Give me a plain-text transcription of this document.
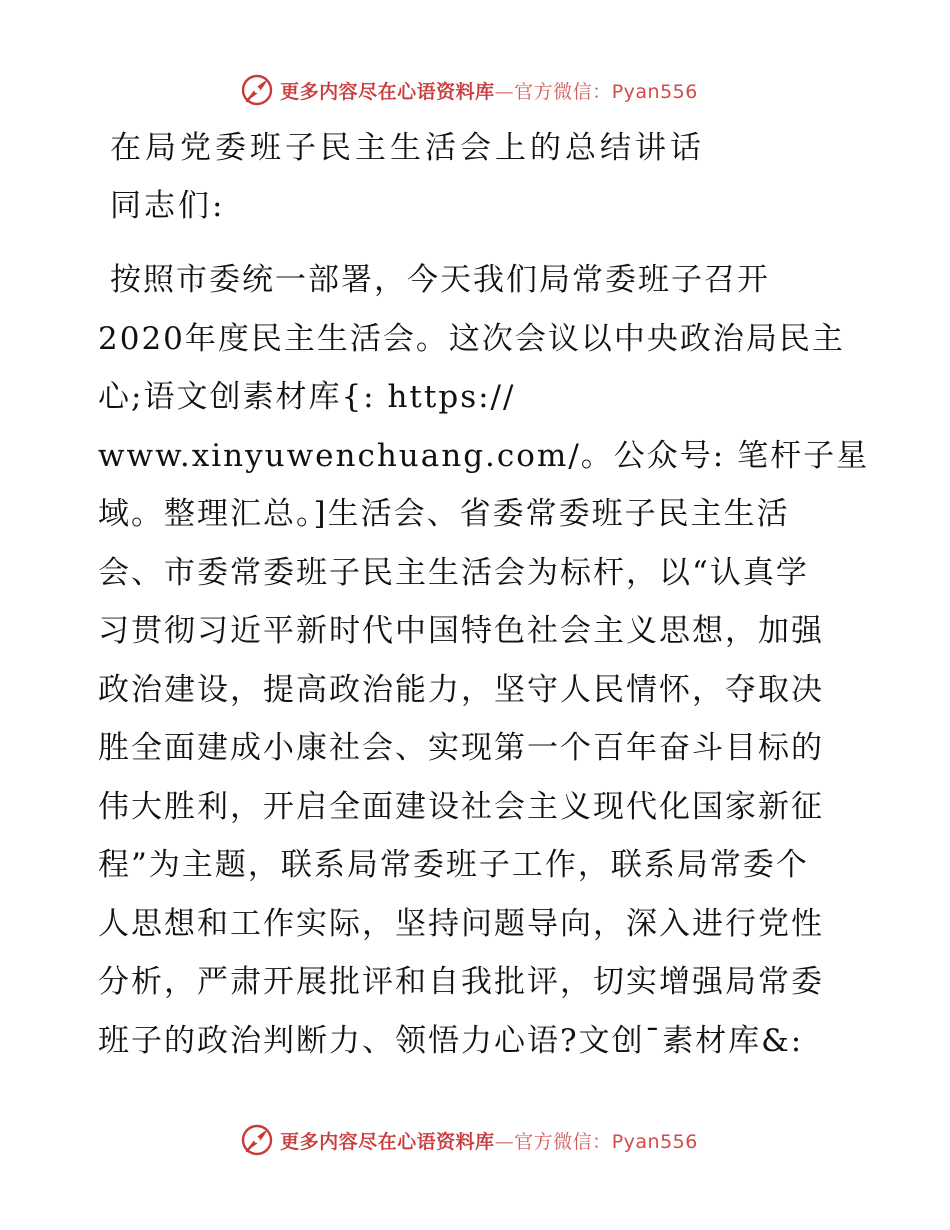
更多内容尽在心语资料库—官方微信：Pyan556
在局党委班子民主生活会上的总结讲话
同志们:
按照市委统一部署，今天我们局常委班子召开
2020年度民主生活会。这次会议以中央政治局民主
心;语文创素材库{: https://
www.xinyuwenchuang.com/。公众号: 笔杆子星
域。整理汇总。]生活会、省委常委班子民主生活
会、市委常委班子民主生活会为标杆，以“认真学
习贯彻习近平新时代中国特色社会主义思想，加强
政治建设，提高政治能力，坚守人民情怀，夺取决
胜全面建成小康社会、实现第一个百年奋斗目标的
伟大胜利，开启全面建设社会主义现代化国家新征
程”为主题，联系局常委班子工作，联系局常委个
人思想和工作实际，坚持问题导向，深入进行党性
分析，严肃开展批评和自我批评，切实增强局常委
班子的政治判断力、领悟力心语?文创¯素材库&:
更多内容尽在心语资料库—官方微信：Pyan556
